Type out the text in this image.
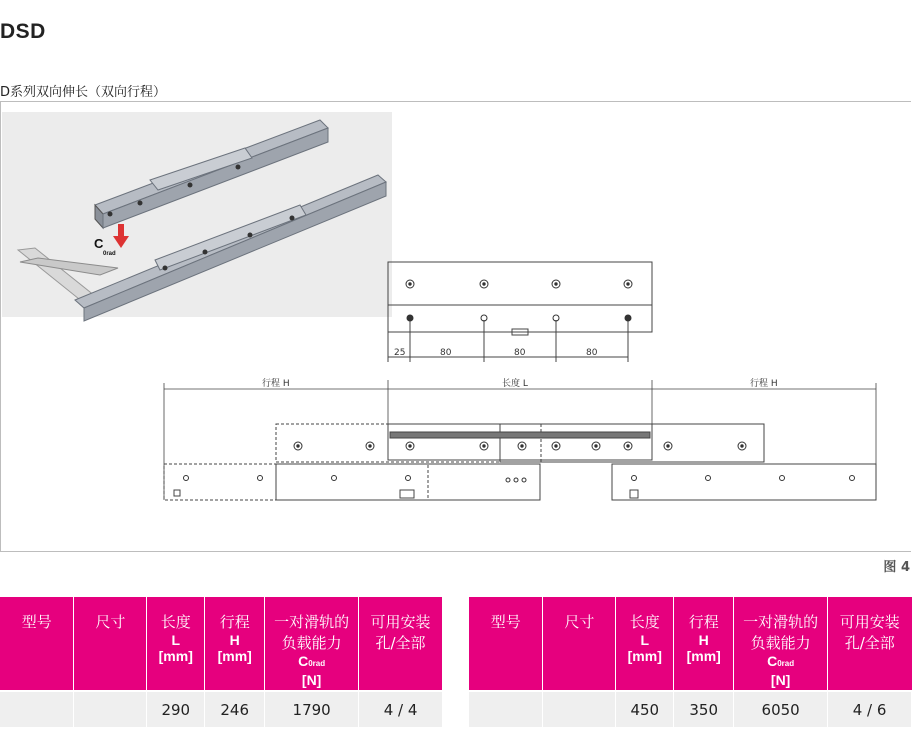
DSD
D系列双向伸长（双向行程）
C
0rad
25	80	80	80
行程 H	长度 L	行程 H
图 4
型号	尺寸	长度
L
[mm]	行程
H
[mm]	一对滑轨的
负载能力
C0rad
[N]	可用安装
孔/全部
		290	246	1790	4 / 4
型号	尺寸	长度
L
[mm]	行程
H
[mm]	一对滑轨的
负载能力
C0rad
[N]	可用安装
孔/全部
		450	350	6050	4 / 6
